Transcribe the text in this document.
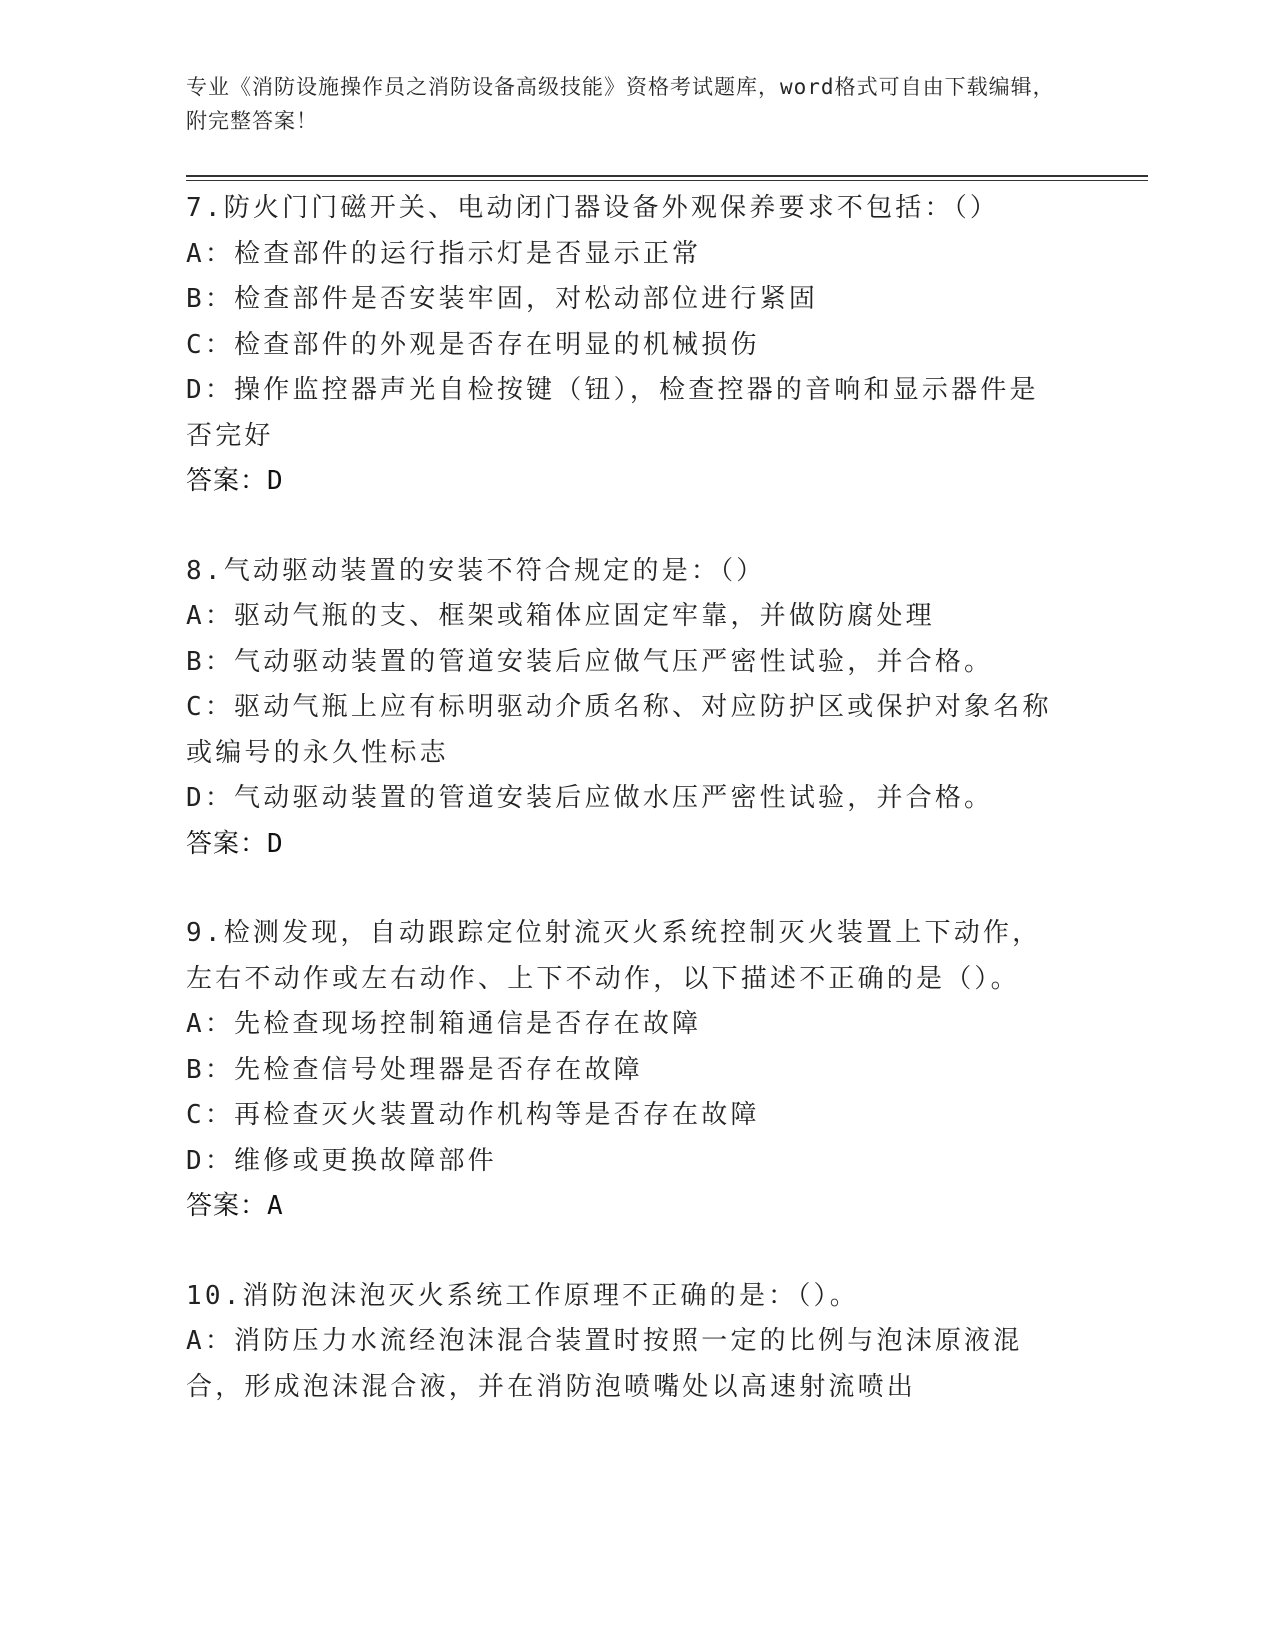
专业《消防设施操作员之消防设备高级技能》资格考试题库，word格式可自由下载编辑，附完整答案！
7.防火门门磁开关、电动闭门器设备外观保养要求不包括：（）
A：检查部件的运行指示灯是否显示正常
B：检查部件是否安装牢固，对松动部位进行紧固
C：检查部件的外观是否存在明显的机械损伤
D：操作监控器声光自检按键（钮），检查控器的音响和显示器件是否完好
答案：D
8.气动驱动装置的安装不符合规定的是：（）
A：驱动气瓶的支、框架或箱体应固定牢靠，并做防腐处理
B：气动驱动装置的管道安装后应做气压严密性试验，并合格。
C：驱动气瓶上应有标明驱动介质名称、对应防护区或保护对象名称或编号的永久性标志
D：气动驱动装置的管道安装后应做水压严密性试验，并合格。
答案：D
9.检测发现，自动跟踪定位射流灭火系统控制灭火装置上下动作，左右不动作或左右动作、上下不动作，以下描述不正确的是（）。
A：先检查现场控制箱通信是否存在故障
B：先检查信号处理器是否存在故障
C：再检查灭火装置动作机构等是否存在故障
D：维修或更换故障部件
答案：A
10.消防泡沫泡灭火系统工作原理不正确的是：（）。
A：消防压力水流经泡沫混合装置时按照一定的比例与泡沫原液混合，形成泡沫混合液，并在消防泡喷嘴处以高速射流喷出
